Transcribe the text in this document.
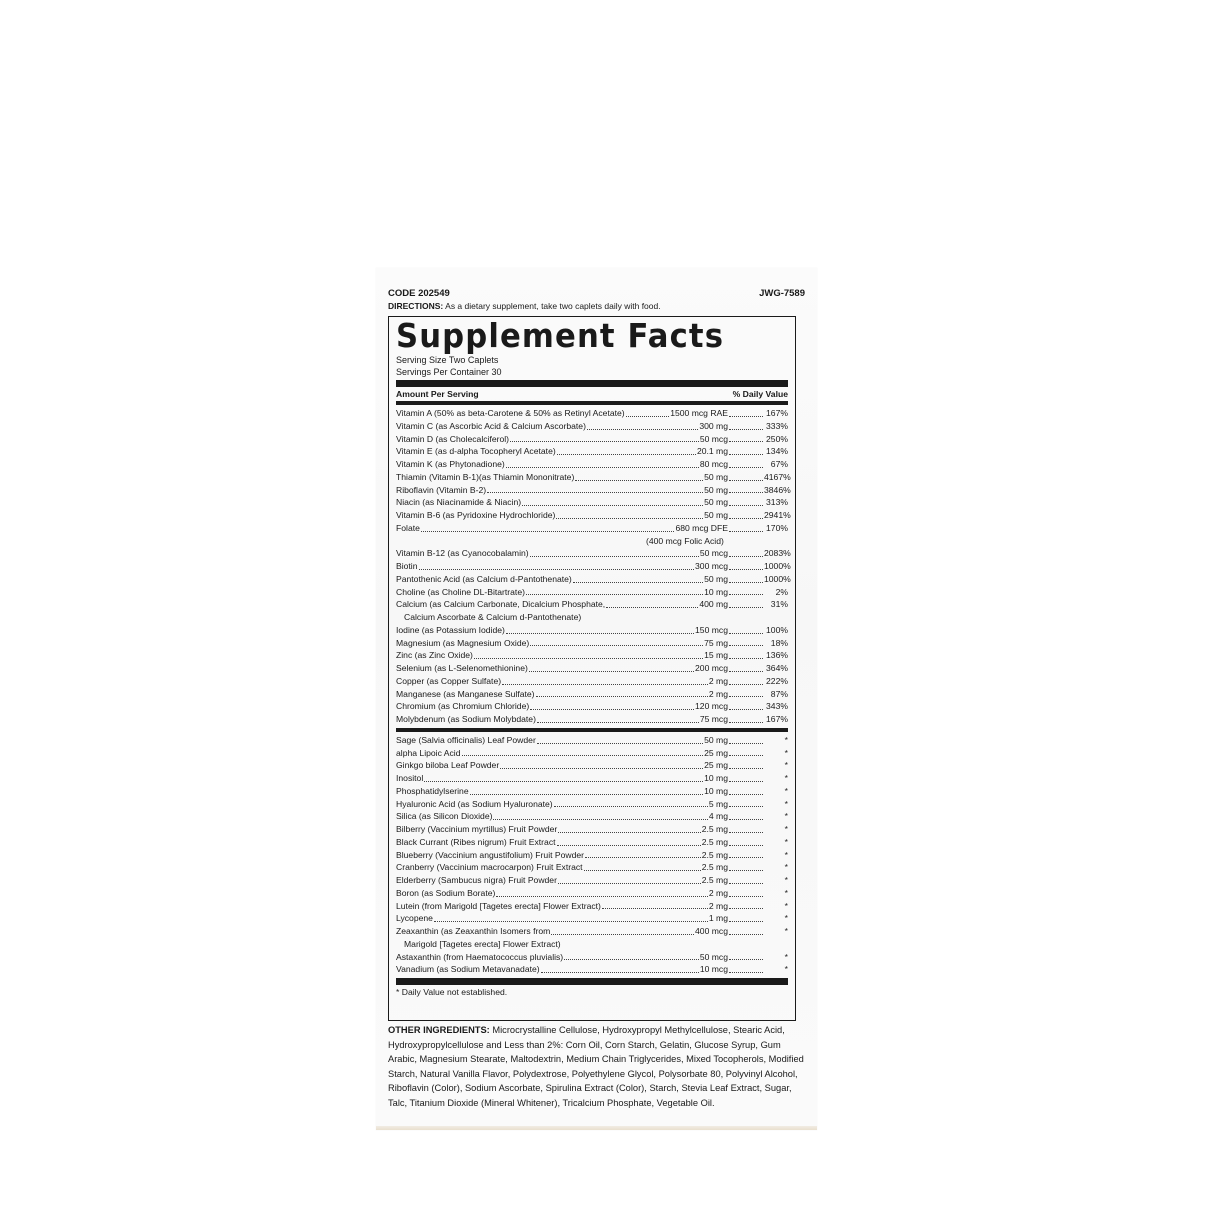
CODE 202549	JWG-7589
DIRECTIONS: As a dietary supplement, take two caplets daily with food.
Supplement Facts
Serving Size Two Caplets
Servings Per Container 30
Amount Per Serving	% Daily Value
Vitamin A (50% as beta-Carotene & 50% as Retinyl Acetate)	1500 mcg RAE	167%
Vitamin C (as Ascorbic Acid & Calcium Ascorbate)	300 mg	333%
Vitamin D (as Cholecalciferol)	50 mcg	250%
Vitamin E (as d-alpha Tocopheryl Acetate)	20.1 mg	134%
Vitamin K (as Phytonadione)	80 mcg	67%
Thiamin (Vitamin B-1)(as Thiamin Mononitrate)	50 mg	4167%
Riboflavin (Vitamin B-2)	50 mg	3846%
Niacin (as Niacinamide & Niacin)	50 mg	313%
Vitamin B-6 (as Pyridoxine Hydrochloride)	50 mg	2941%
Folate	680 mcg DFE	170%
(400 mcg Folic Acid)
Vitamin B-12 (as Cyanocobalamin)	50 mcg	2083%
Biotin	300 mcg	1000%
Pantothenic Acid (as Calcium d-Pantothenate)	50 mg	1000%
Choline (as Choline DL-Bitartrate)	10 mg	2%
Calcium (as Calcium Carbonate, Dicalcium Phosphate,	400 mg	31%
Calcium Ascorbate & Calcium d-Pantothenate)
Iodine (as Potassium Iodide)	150 mcg	100%
Magnesium (as Magnesium Oxide)	75 mg	18%
Zinc (as Zinc Oxide)	15 mg	136%
Selenium (as L-Selenomethionine)	200 mcg	364%
Copper (as Copper Sulfate)	2 mg	222%
Manganese (as Manganese Sulfate)	2 mg	87%
Chromium (as Chromium Chloride)	120 mcg	343%
Molybdenum (as Sodium Molybdate)	75 mcg	167%
Sage (Salvia officinalis) Leaf Powder	50 mg	*
alpha Lipoic Acid	25 mg	*
Ginkgo biloba Leaf Powder	25 mg	*
Inositol	10 mg	*
Phosphatidylserine	10 mg	*
Hyaluronic Acid (as Sodium Hyaluronate)	5 mg	*
Silica (as Silicon Dioxide)	4 mg	*
Bilberry (Vaccinium myrtillus) Fruit Powder	2.5 mg	*
Black Currant (Ribes nigrum) Fruit Extract	2.5 mg	*
Blueberry (Vaccinium angustifolium) Fruit Powder	2.5 mg	*
Cranberry (Vaccinium macrocarpon) Fruit Extract	2.5 mg	*
Elderberry (Sambucus nigra) Fruit Powder	2.5 mg	*
Boron (as Sodium Borate)	2 mg	*
Lutein (from Marigold [Tagetes erecta] Flower Extract)	2 mg	*
Lycopene	1 mg	*
Zeaxanthin (as Zeaxanthin Isomers from	400 mcg	*
Marigold [Tagetes erecta] Flower Extract)
Astaxanthin (from Haematococcus pluvialis)	50 mcg	*
Vanadium (as Sodium Metavanadate)	10 mcg	*
* Daily Value not established.
OTHER INGREDIENTS: Microcrystalline Cellulose, Hydroxypropyl Methylcellulose, Stearic Acid, Hydroxypropylcellulose and Less than 2%: Corn Oil, Corn Starch, Gelatin, Glucose Syrup, Gum Arabic, Magnesium Stearate, Maltodextrin, Medium Chain Triglycerides, Mixed Tocopherols, Modified Starch, Natural Vanilla Flavor, Polydextrose, Polyethylene Glycol, Polysorbate 80, Polyvinyl Alcohol, Riboflavin (Color), Sodium Ascorbate, Spirulina Extract (Color), Starch, Stevia Leaf Extract, Sugar, Talc, Titanium Dioxide (Mineral Whitener), Tricalcium Phosphate, Vegetable Oil.
